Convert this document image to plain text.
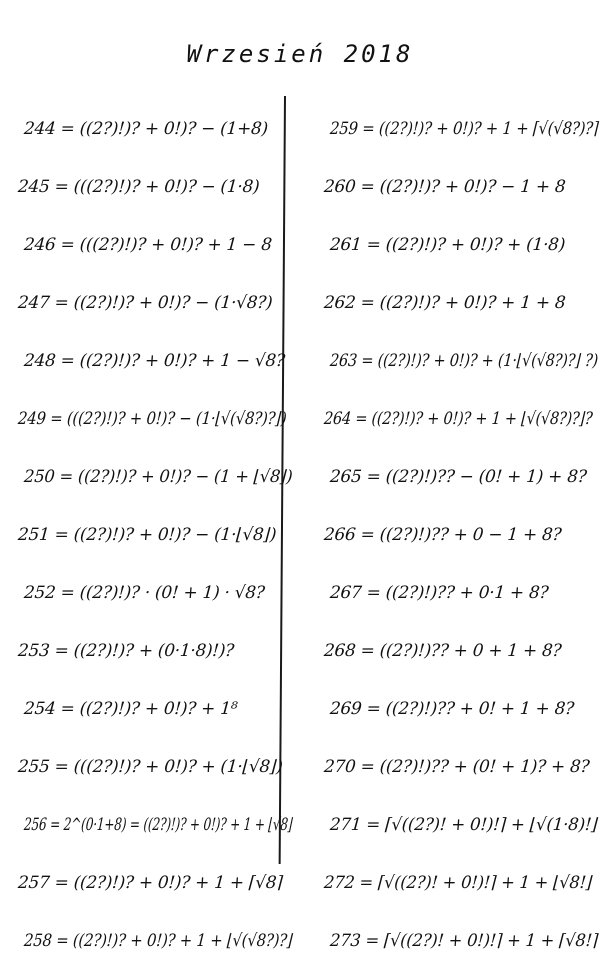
Wrzesień 2018
244 = ((2?)!)? + 0!)? − (1+8)
245 = (((2?)!)? + 0!)? − (1·8)
246 = (((2?)!)? + 0!)? + 1 − 8
247 = ((2?)!)? + 0!)? − (1·√8?)
248 = ((2?)!)? + 0!)? + 1 − √8?
249 = (((2?)!)? + 0!)? − (1·⌊√(√8?)?⌋)
250 = ((2?)!)? + 0!)? − (1 + ⌊√8⌋)
251 = ((2?)!)? + 0!)? − (1·⌊√8⌋)
252 = ((2?)!)? · (0! + 1) · √8?
253 = ((2?)!)? + (0·1·8)!)?
254 = ((2?)!)? + 0!)? + 1⁸
255 = (((2?)!)? + 0!)? + (1·⌊√8⌋)
256 = 2^(0·1+8) = ((2?)!)? + 0!)? + 1 + ⌊√8⌋
257 = ((2?)!)? + 0!)? + 1 + ⌈√8⌉
258 = ((2?)!)? + 0!)? + 1 + ⌊√(√8?)?⌋
259 = ((2?)!)? + 0!)? + 1 + ⌈√(√8?)?⌉
260 = ((2?)!)? + 0!)? − 1 + 8
261 = ((2?)!)? + 0!)? + (1·8)
262 = ((2?)!)? + 0!)? + 1 + 8
263 = ((2?)!)? + 0!)? + (1·⌊√(√8?)?⌋ ?)
264 = ((2?)!)? + 0!)? + 1 + ⌊√(√8?)?⌋?
265 = ((2?)!)?? − (0! + 1) + 8?
266 = ((2?)!)?? + 0 − 1 + 8?
267 = ((2?)!)?? + 0·1 + 8?
268 = ((2?)!)?? + 0 + 1 + 8?
269 = ((2?)!)?? + 0! + 1 + 8?
270 = ((2?)!)?? + (0! + 1)? + 8?
271 = ⌈√((2?)! + 0!)!⌉ + ⌊√(1·8)!⌋
272 = ⌈√((2?)! + 0!)!⌉ + 1 + ⌊√8!⌋
273 = ⌈√((2?)! + 0!)!⌉ + 1 + ⌈√8!⌉
